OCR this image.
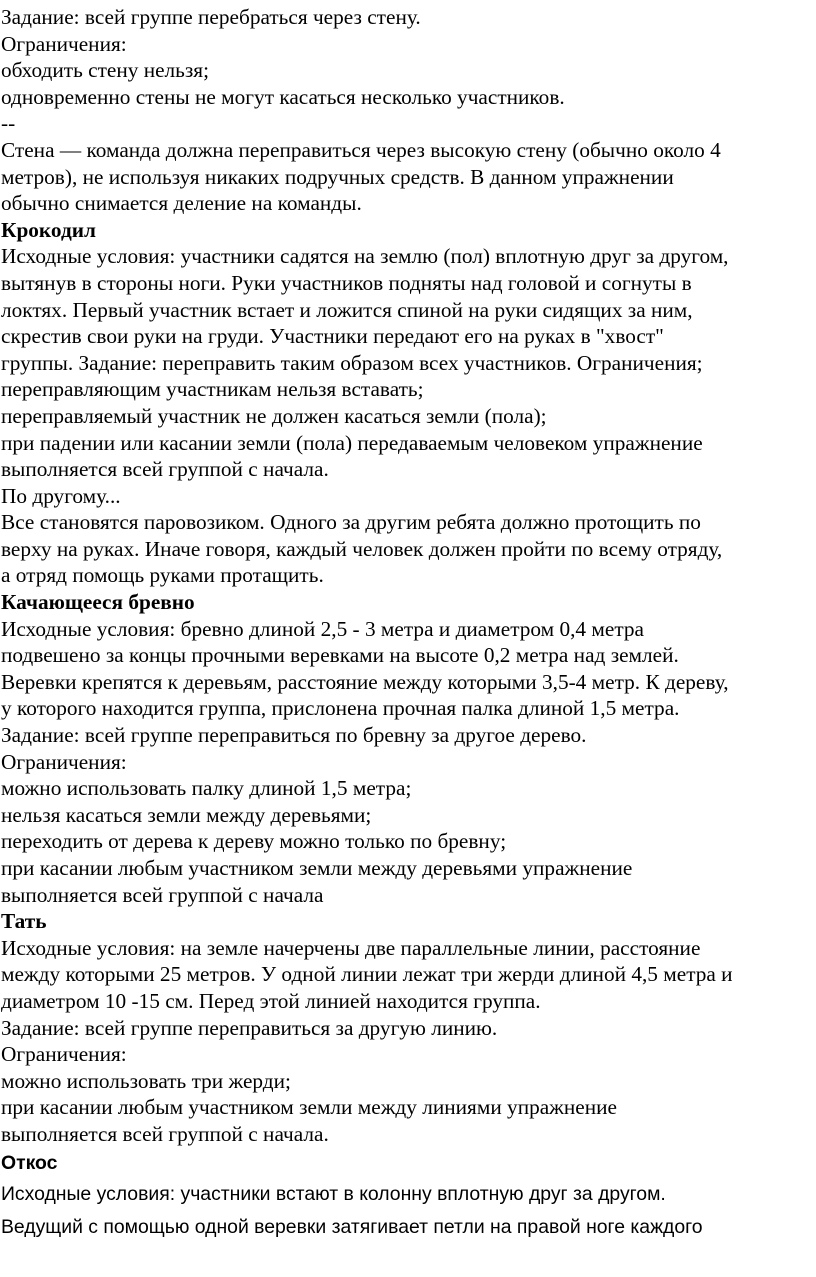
Задание: всей группе перебраться через стену.

Ограничения:

обходить стену нельзя;

одновременно стены не могут касаться несколько участников.

--

Стена — команда должна переправиться через высокую стену (обычно около 4

метров), не используя никаких подручных средств. В данном упражнении

обычно снимается деление на команды.

Крокодил

Исходные условия: участники садятся на землю (пол) вплотную друг за другом,

вытянув в стороны ноги. Руки участников подняты над головой и согнуты в

локтях. Первый участник встает и ложится спиной на руки сидящих за ним,

скрестив свои руки на груди. Участники передают его на руках в "хвост"

группы. Задание: переправить таким образом всех участников. Ограничения;

переправляющим участникам нельзя вставать;

переправляемый участник не должен касаться земли (пола);

при падении или касании земли (пола) передаваемым человеком упражнение

выполняется всей группой с начала.

По другому...

Все становятся паровозиком. Одного за другим ребята должно протощить по

верху на руках. Иначе говоря, каждый человек должен пройти по всему отряду,

а отряд помощь руками протащить.

Качающееся бревно

Исходные условия: бревно длиной 2,5 - 3 метра и диаметром 0,4 метра

подвешено за концы прочными веревками на высоте 0,2 метра над землей.

Веревки крепятся к деревьям, расстояние между которыми 3,5-4 метр. К дереву,

у которого находится группа, прислонена прочная палка длиной 1,5 метра.

Задание: всей группе переправиться по бревну за другое дерево.

Ограничения:

можно использовать палку длиной 1,5 метра;

нельзя касаться земли между деревьями;

переходить от дерева к дереву можно только по бревну;

при касании любым участником земли между деревьями упражнение

выполняется всей группой с начала

Тать

Исходные условия: на земле начерчены две параллельные линии, расстояние

между которыми 25 метров. У одной линии лежат три жерди длиной 4,5 метра и

диаметром 10 -15 см. Перед этой линией находится группа.

Задание: всей группе переправиться за другую линию.

Ограничения:

можно использовать три жерди;

при касании любым участником земли между линиями упражнение

выполняется всей группой с начала.

Откос

Исходные условия: участники встают в колонну вплотную друг за другом.

Ведущий с помощью одной веревки затягивает петли на правой ноге каждого
